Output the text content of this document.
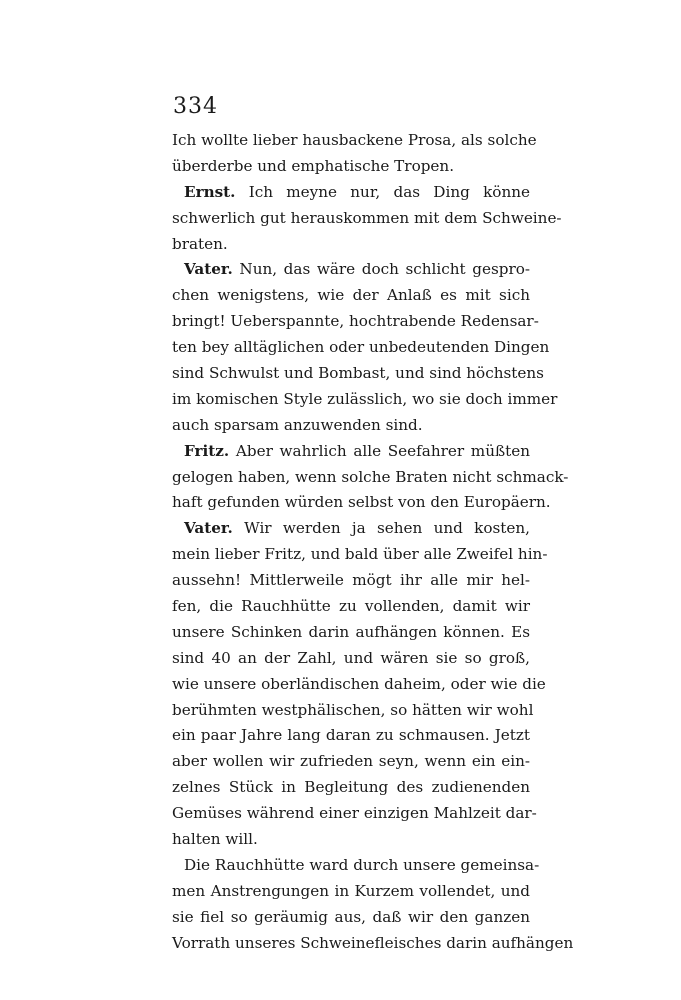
334
Ich wollte lieber hausbackene Prosa, als solche
überderbe und emphatische Tropen.
Ernst. Ich meyne nur, das Ding könne
schwerlich gut herauskommen mit dem Schweine-
braten.
Vater. Nun, das wäre doch schlicht gespro-
chen wenigstens, wie der Anlaß es mit sich
bringt! Ueberspannte, hochtrabende Redensar-
ten bey alltäglichen oder unbedeutenden Dingen
sind Schwulst und Bombast, und sind höchstens
im komischen Style zulässlich, wo sie doch immer
auch sparsam anzuwenden sind.
Fritz. Aber wahrlich alle Seefahrer müßten
gelogen haben, wenn solche Braten nicht schmack-
haft gefunden würden selbst von den Europäern.
Vater. Wir werden ja sehen und kosten,
mein lieber Fritz, und bald über alle Zweifel hin-
aussehn! Mittlerweile mögt ihr alle mir hel-
fen, die Rauchhütte zu vollenden, damit wir
unsere Schinken darin aufhängen können. Es
sind 40 an der Zahl, und wären sie so groß,
wie unsere oberländischen daheim, oder wie die
berühmten westphälischen, so hätten wir wohl
ein paar Jahre lang daran zu schmausen. Jetzt
aber wollen wir zufrieden seyn, wenn ein ein-
zelnes Stück in Begleitung des zudienenden
Gemüses während einer einzigen Mahlzeit dar-
halten will.
Die Rauchhütte ward durch unsere gemeinsa-
men Anstrengungen in Kurzem vollendet, und
sie fiel so geräumig aus, daß wir den ganzen
Vorrath unseres Schweinefleisches darin aufhängen
